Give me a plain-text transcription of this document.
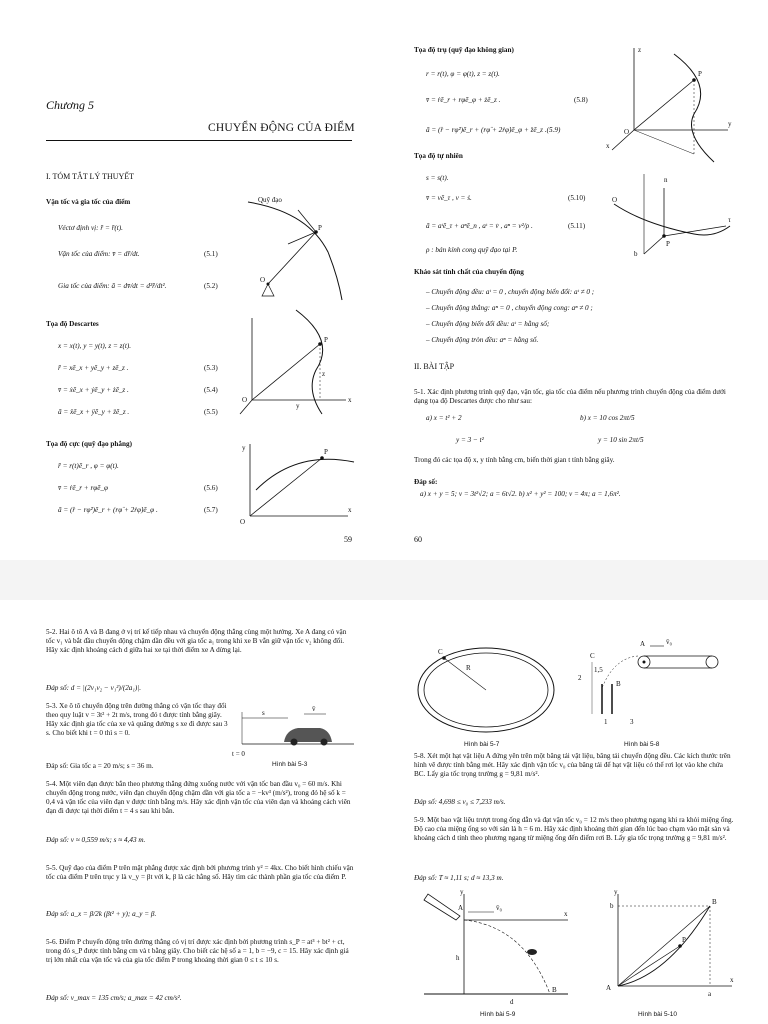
Chương 5
CHUYỂN ĐỘNG CỦA ĐIỂM
I. TÓM TẮT LÝ THUYẾT
Vận tốc và gia tốc của điểm
Véctơ định vị: r̄ = r̄(t).
Vận tốc của điểm: v̄ = dr̄/dt.	(5.1)
Gia tốc của điểm: ā = dv̄/dt = d²r̄/dt².	(5.2)
Quỹ đạo
P
O
Tọa độ Descartes
x = x(t), y = y(t), z = z(t).
r̄ = xē_x + yē_y + zē_z .	(5.3)
v̄ = ẋē_x + ẏē_y + żē_z .	(5.4)
ā = ẍē_x + ÿē_y + z̈ē_z .	(5.5)
P
O	x
y
z
Tọa độ cực (quỹ đạo phẳng)
r̄ = r(t)ē_r , φ = φ(t).
v̄ = ṙē_r + rφ̇ē_φ	(5.6)
ā = (r̈ − rφ̇²)ē_r + (rφ̈ + 2ṙφ̇)ē_φ .	(5.7)
P
O
x
y
59
Tọa độ trụ (quỹ đạo không gian)
r = r(t), φ = φ(t), z = z(t).
v̄ = ṙē_r + rφ̇ē_φ + żē_z .	(5.8)
ā = (r̈ − rφ̇²)ē_r + (rφ̈ + 2ṙφ̇)ē_φ + z̈ē_z .(5.9)
P
z
y
x
O
Tọa độ tự nhiên
s = s(t).
v̄ = vē_τ , v = ṡ.	(5.10)
ā = aᵗē_τ + aⁿē_n , aᵗ = v̇ , aⁿ = v²/ρ .	(5.11)
ρ : bán kính cong quỹ đạo tại P.
P
O
n
τ
b
Khảo sát tính chất của chuyển động
– Chuyển động đều: aᵗ = 0 , chuyển động biến đổi: aᵗ ≠ 0 ;
– Chuyển động thẳng: aⁿ = 0 , chuyển động cong: aⁿ ≠ 0 ;
– Chuyển động biến đổi đều: aᵗ = hằng số;
– Chuyển động tròn đều: aⁿ = hằng số.
II. BÀI TẬP
5-1. Xác định phương trình quỹ đạo, vận tốc, gia tốc của điểm nếu phương trình chuyển động của điểm dưới dạng tọa độ Descartes được cho như sau:
a) x = t² + 2
y = 3 − t²
b) x = 10 cos 2πt/5
y = 10 sin 2πt/5
Trong đó các tọa độ x, y tính bằng cm, biến thời gian t tính bằng giây.
Đáp số:
a) x + y = 5; v = 3t²√2; a = 6t√2. b) x² + y² = 100; v = 4π; a = 1,6π².
60
5-2. Hai ô tô A và B đang ở vị trí kế tiếp nhau và chuyển động thẳng cùng một hướng. Xe A đang có vận tốc v₁ và bắt đầu chuyển động chậm dần đều với gia tốc a₁ trong khi xe B vẫn giữ vận tốc v₂ không đổi. Hãy xác định khoảng cách d giữa hai xe tại thời điểm xe A dừng lại.
Đáp số: d = |(2v₁v₂ − v₁²)/(2a₁)|.
5-3. Xe ô tô chuyển động trên đường thẳng có vận tốc thay đổi theo quy luật v = 3t² + 2t m/s, trong đó t được tính bằng giây. Hãy xác định gia tốc của xe và quãng đường s xe đi được sau 3 s. Cho biết khi t = 0 thì s = 0.
Đáp số: Gia tốc a = 20 m/s; s = 36 m.
s	v̄
t = 0
Hình bài 5-3
5-4. Một viên đạn được bắn theo phương thẳng đứng xuống nước với vận tốc ban đầu v₀ = 60 m/s. Khi chuyển động trong nước, viên đạn chuyển động chậm dần với gia tốc a = −kv³ (m/s²), trong đó hệ số k = 0,4 và vận tốc của viên đạn v được tính bằng m/s. Hãy xác định vận tốc của viên đạn và khoảng cách viên đạn đi được tại thời điểm t = 4 s sau khi bắn.
Đáp số: v ≈ 0,559 m/s; s ≈ 4,43 m.
5-5. Quỹ đạo của điểm P trên mặt phẳng được xác định bởi phương trình y² = 4kx. Cho biết hình chiếu vận tốc của điểm P trên trục y là v_y = βt với k, β là các hằng số. Hãy tìm các thành phần gia tốc của điểm P.
Đáp số: a_x = β/2k (βt² + y); a_y = β.
5-6. Điểm P chuyển động trên đường thẳng có vị trí được xác định bởi phương trình s_P = at³ + bt² + ct, trong đó s_P được tính bằng cm và t bằng giây. Cho biết các hệ số a = 1, b = −9, c = 15. Hãy xác định giá trị lớn nhất của vận tốc và của gia tốc điểm P trong khoảng thời gian 0 ≤ t ≤ 10 s.
Đáp số: v_max = 135 cm/s; a_max = 42 cm/s².
C
R
Hình bài 5-7
A	v̄₀
C
B
2
1,5
1	3
Hình bài 5-8
5-8. Xét một hạt vật liệu A đứng yên trên một băng tải vật liệu, băng tải chuyển động đều. Các kích thước trên hình vẽ được tính bằng mét. Hãy xác định vận tốc v₀ của băng tải để hạt vật liệu có thể rơi lọt vào khe chứa BC. Lấy gia tốc trọng trường g = 9,81 m/s².
Đáp số: 4,698 ≤ v₀ ≤ 7,233 m/s.
5-9. Một bao vật liệu trượt trong ống dẫn và đạt vận tốc v₀ = 12 m/s theo phương ngang khi ra khỏi miệng ống. Độ cao của miệng ống so với sàn là h = 6 m. Hãy xác định khoảng thời gian đến lúc bao chạm vào mặt sàn và khoảng cách d tính theo phương ngang từ miệng ống đến điểm rơi B. Lấy gia tốc trọng trường g = 9,81 m/s².
Đáp số: T ≈ 1,11 s; d ≈ 13,3 m.
y
x
A	v̄₀
B
h
d
Hình bài 5-9
y
x
B
P
A
a
b
Hình bài 5-10
